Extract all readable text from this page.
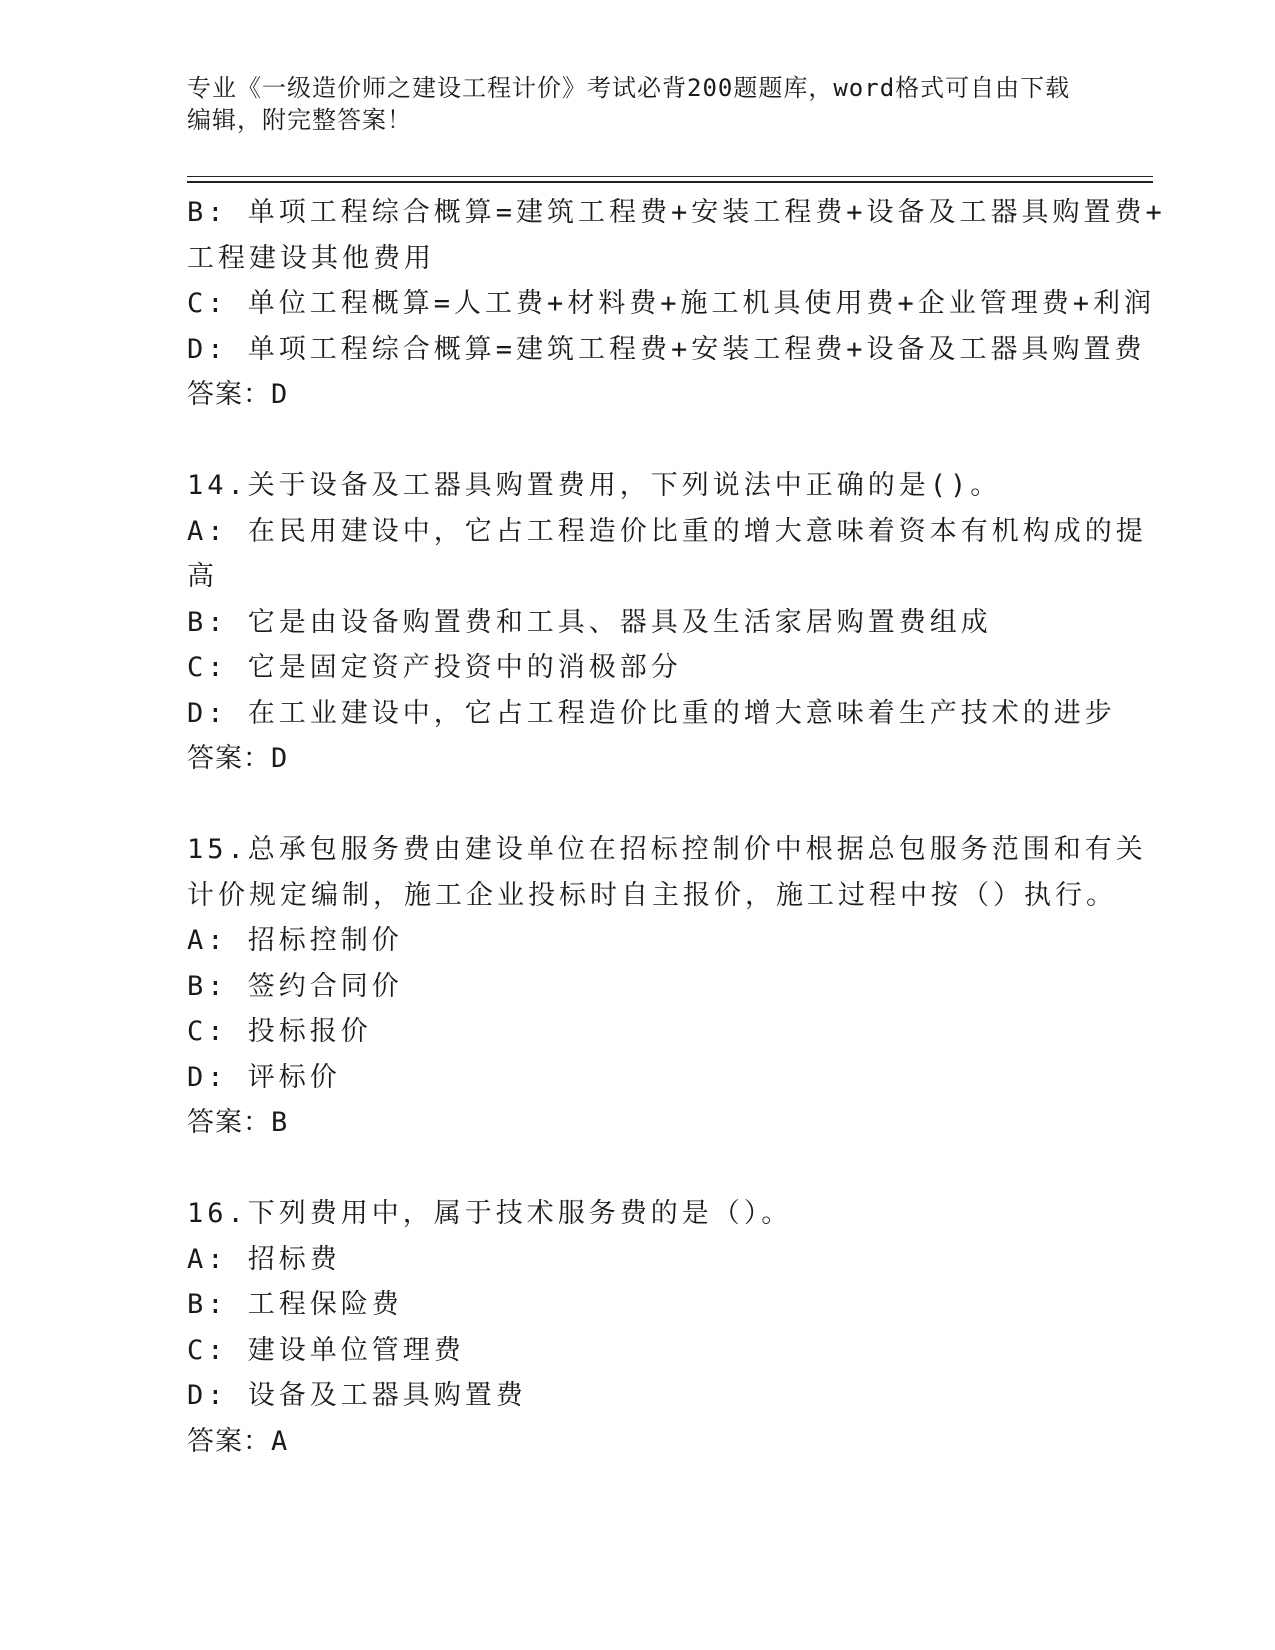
专业《一级造价师之建设工程计价》考试必背200题题库，word格式可自由下载
编辑，附完整答案！
B: 单项工程综合概算=建筑工程费+安装工程费+设备及工器具购置费+
工程建设其他费用
C: 单位工程概算=人工费+材料费+施工机具使用费+企业管理费+利润
D: 单项工程综合概算=建筑工程费+安装工程费+设备及工器具购置费
答案：D
14.关于设备及工器具购置费用，下列说法中正确的是()。
A: 在民用建设中，它占工程造价比重的增大意味着资本有机构成的提
高
B: 它是由设备购置费和工具、器具及生活家居购置费组成
C: 它是固定资产投资中的消极部分
D: 在工业建设中，它占工程造价比重的增大意味着生产技术的进步
答案：D
15.总承包服务费由建设单位在招标控制价中根据总包服务范围和有关
计价规定编制，施工企业投标时自主报价，施工过程中按（）执行。
A: 招标控制价
B: 签约合同价
C: 投标报价
D: 评标价
答案：B
16.下列费用中，属于技术服务费的是（）。
A: 招标费
B: 工程保险费
C: 建设单位管理费
D: 设备及工器具购置费
答案：A
